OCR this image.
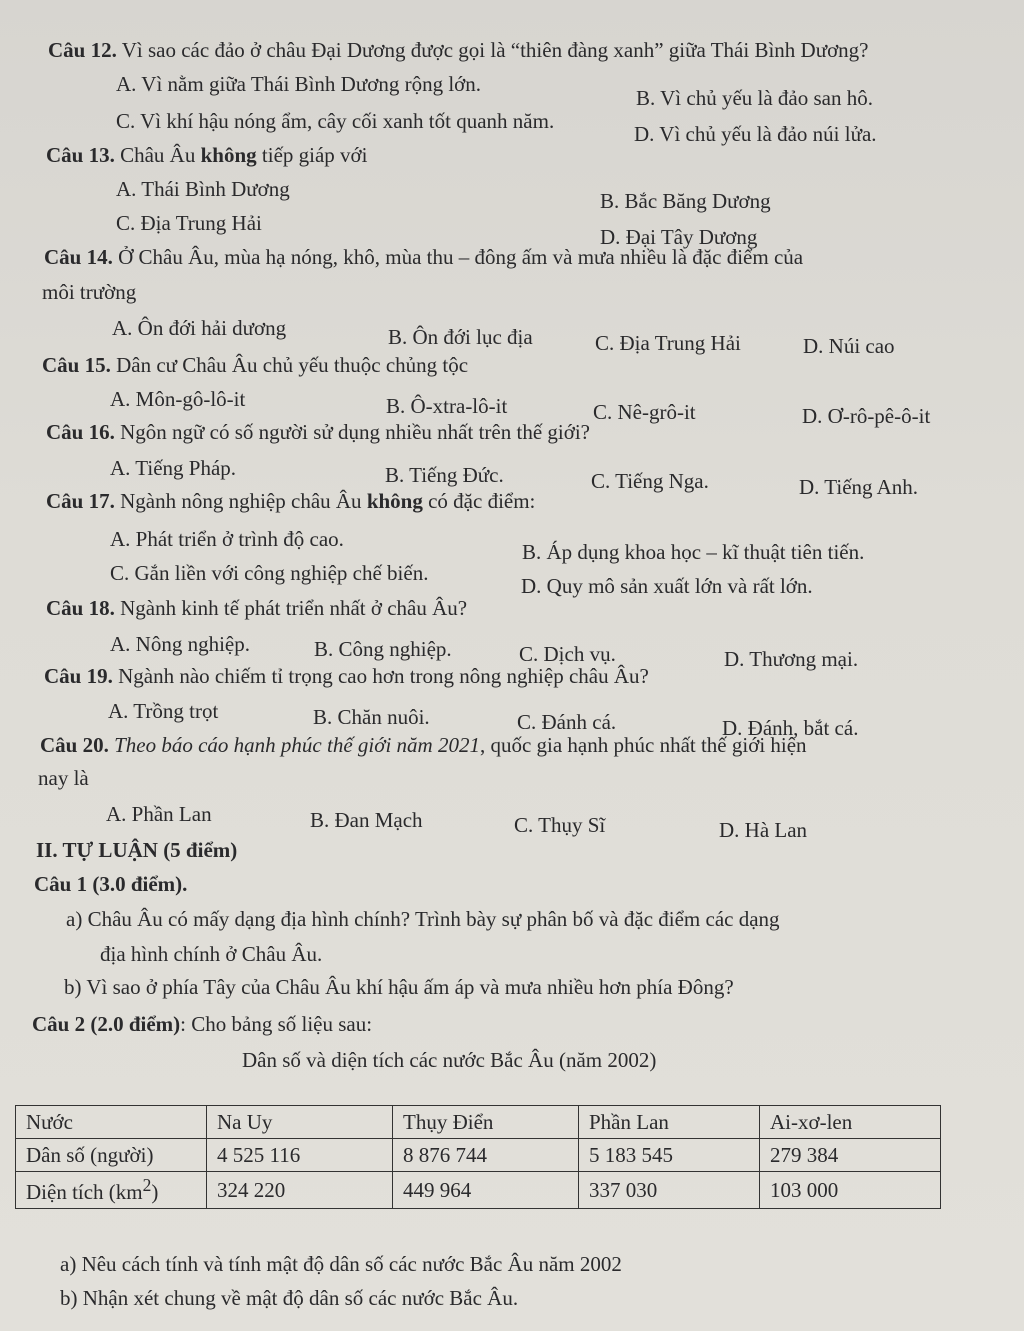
Câu 12. Vì sao các đảo ở châu Đại Dương được gọi là “thiên đàng xanh” giữa Thái Bình Dương?
A. Vì nằm giữa Thái Bình Dương rộng lớn.
B. Vì chủ yếu là đảo san hô.
C. Vì khí hậu nóng ẩm, cây cối xanh tốt quanh năm.
D. Vì chủ yếu là đảo núi lửa.
Câu 13. Châu Âu không tiếp giáp với
A. Thái Bình Dương	B. Bắc Băng Dương
C. Địa Trung Hải
D. Đại Tây Dương
Câu 14. Ở Châu Âu, mùa hạ nóng, khô, mùa thu – đông ấm và mưa nhiều là đặc điểm của
môi trường
A. Ôn đới hải dương	B. Ôn đới lục địa	C. Địa Trung Hải	D. Núi cao
Câu 15. Dân cư Châu Âu chủ yếu thuộc chủng tộc
A. Môn-gô-lô-it	B. Ô-xtra-lô-it	C. Nê-grô-it	D. Ơ-rô-pê-ô-it
Câu 16. Ngôn ngữ có số người sử dụng nhiều nhất trên thế giới?
A. Tiếng Pháp.	B. Tiếng Đức.	C. Tiếng Nga.	D. Tiếng Anh.
Câu 17. Ngành nông nghiệp châu Âu không có đặc điểm:
A. Phát triển ở trình độ cao.
B. Áp dụng khoa học – kĩ thuật tiên tiến.
C. Gắn liền với công nghiệp chế biến.
D. Quy mô sản xuất lớn và rất lớn.
Câu 18. Ngành kinh tế phát triển nhất ở châu Âu?
A. Nông nghiệp.	B. Công nghiệp.	C. Dịch vụ.	D. Thương mại.
Câu 19. Ngành nào chiếm tỉ trọng cao hơn trong nông nghiệp châu Âu?
A. Trồng trọt	B. Chăn nuôi.	C. Đánh cá.	D. Đánh, bắt cá.
Câu 20. Theo báo cáo hạnh phúc thế giới năm 2021, quốc gia hạnh phúc nhất thế giới hiện
nay là
A. Phần Lan	B. Đan Mạch	C. Thụy Sĩ	D. Hà Lan
II. TỰ LUẬN (5 điểm)
Câu 1 (3.0 điểm).
a) Châu Âu có mấy dạng địa hình chính? Trình bày sự phân bố và đặc điểm các dạng
địa hình chính ở Châu Âu.
b) Vì sao ở phía Tây của Châu Âu khí hậu ấm áp và mưa nhiều hơn phía Đông?
Câu 2 (2.0 điểm): Cho bảng số liệu sau:
Dân số và diện tích các nước Bắc Âu (năm 2002)
Nước	Na Uy	Thụy Điển	Phần Lan	Ai-xơ-len
Dân số (người)	4 525 116	8 876 744	5 183 545	279 384
Diện tích $(km^2)$	324 220	449 964	337 030	103 000
a) Nêu cách tính và tính mật độ dân số các nước Bắc Âu năm 2002
b) Nhận xét chung về mật độ dân số các nước Bắc Âu.
